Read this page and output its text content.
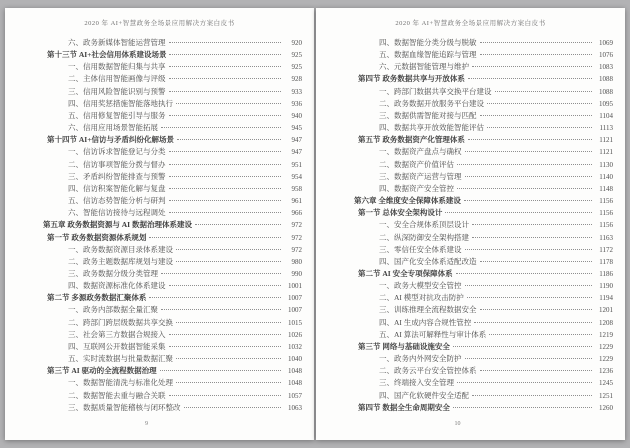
2020 年 AI+智慧政务全场景应用解决方案白皮书
六、政务新媒体智能运营管理	920
第十三节 AI+社会信用体系建设场景	925
一、信用数据智能归集与共享	925
二、主体信用智能画像与评级	928
三、信用风险智能识别与预警	933
四、信用奖惩措施智能落地执行	936
五、信用修复智能引导与服务	940
六、信用应用场景智能拓展	945
第十四节 AI+信访与矛盾纠纷化解场景	947
一、信访诉求智能登记与分类	947
二、信访事项智能分拨与督办	951
三、矛盾纠纷智能排查与预警	954
四、信访积案智能化解与复盘	958
五、信访态势智能分析与研判	961
六、智能信访接待与远程调处	966
第五章 政务数据资源与 AI 数据治理体系建设	972
第一节 政务数据资源体系规划	972
一、政务数据资源目录体系建设	972
二、政务主题数据库规划与建设	980
三、政务数据分级分类管理	990
四、数据资源标准化体系建设	1001
第二节 多源政务数据汇聚体系	1007
一、政务内部数据全量汇聚	1007
二、跨部门跨层级数据共享交换	1015
三、社会第三方数据合规接入	1026
四、互联网公开数据智能采集	1032
五、实时流数据与批量数据汇聚	1040
第三节 AI 驱动的全流程数据治理	1048
一、数据智能清洗与标准化处理	1048
二、数据智能去重与融合关联	1057
三、数据质量智能稽核与闭环整改	1063
9
2020 年 AI+智慧政务全场景应用解决方案白皮书
四、数据智能分类分级与脱敏	1069
五、数据血缘智能追踪与管理	1076
六、元数据智能管理与维护	1083
第四节 政务数据共享与开放体系	1088
一、跨部门数据共享交换平台建设	1088
二、政务数据开放服务平台建设	1095
三、数据供需智能对接与匹配	1104
四、数据共享开放效能智能评估	1113
第五节 政务数据资产化管理体系	1121
一、数据资产盘点与确权	1121
二、数据资产价值评估	1130
三、数据资产运营与管理	1140
四、数据资产安全管控	1148
第六章 全维度安全保障体系建设	1156
第一节 总体安全架构设计	1156
一、安全合规体系顶层设计	1156
二、纵深防御安全架构搭建	1163
三、零信任安全体系建设	1172
四、国产化安全体系适配改造	1178
第二节 AI 安全专项保障体系	1186
一、政务大模型安全管控	1190
二、AI 模型对抗攻击防护	1194
三、训练推理全流程数据安全	1201
四、AI 生成内容合规性管控	1208
五、AI 算法可解释性与审计体系	1219
第三节 网络与基础设施安全	1229
一、政务内外网安全防护	1229
二、政务云平台安全管控体系	1236
三、终端接入安全管理	1245
四、国产化软硬件安全适配	1251
第四节 数据全生命周期安全	1260
10
